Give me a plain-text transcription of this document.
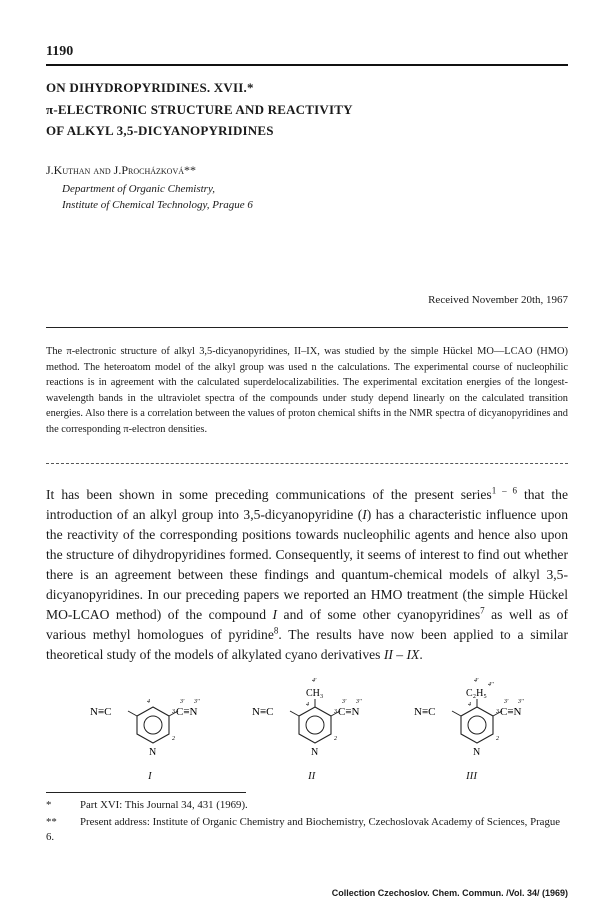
1190
ON DIHYDROPYRIDINES. XVII.*
π-ELECTRONIC STRUCTURE AND REACTIVITY
OF ALKYL 3,5-DICYANOPYRIDINES
J.Kuthan and J.Procházková**
Department of Organic Chemistry,
Institute of Chemical Technology, Prague 6
Received November 20th, 1967
The π-electronic structure of alkyl 3,5-dicyanopyridines, II–IX, was studied by the simple Hückel MO—LCAO (HMO) method. The heteroatom model of the alkyl group was used n the calculations. The experimental course of nucleophilic reactions is in agreement with the calculated superdelocalizabilities. The experimental excitation energies of the longest-wavelength bands in the ultraviolet spectra of the compounds under study depend linearly on the calculated transition energies. Also there is a correlation between the values of proton chemical shifts in the NMR spectra of dicyanopyridines and the corresponding π-electron densities.
It has been shown in some preceding communications of the present series$^{1 - 6}$ that the introduction of an alkyl group into 3,5-dicyanopyridine (I) has a characteristic influence upon the reactivity of the corresponding positions towards nucleophilic agents and hence also upon the structure of dihydropyridines formed. Consequently, it seems of interest to find out whether there is an agreement between these findings and quantum-chemical models of alkyl 3,5-dicyanopyridines. In our preceding papers we reported an HMO treatment (the simple Hückel MO-LCAO method) of the compound I and of some other cyanopyridines$^7$ as well as of various methyl homologues of pyridine$^8$. The results have now been applied to a similar theoretical study of the models of alkylated cyano derivatives II – IX.
N≡C	C≡N
N
4
3
2
3' 3''
I
CH₃
N≡C	C≡N
N
4
3
2
3' 3''
4'
II
C₂H₅
N≡C	C≡N
N
4
3
2
3' 3''
4'
4''
III
*	Part XVI: This Journal 34, 431 (1969).
** Present address: Institute of Organic Chemistry and Biochemistry, Czechoslovak Academy of Sciences, Prague 6.
Collection Czechoslov. Chem. Commun. /Vol. 34/ (1969)
